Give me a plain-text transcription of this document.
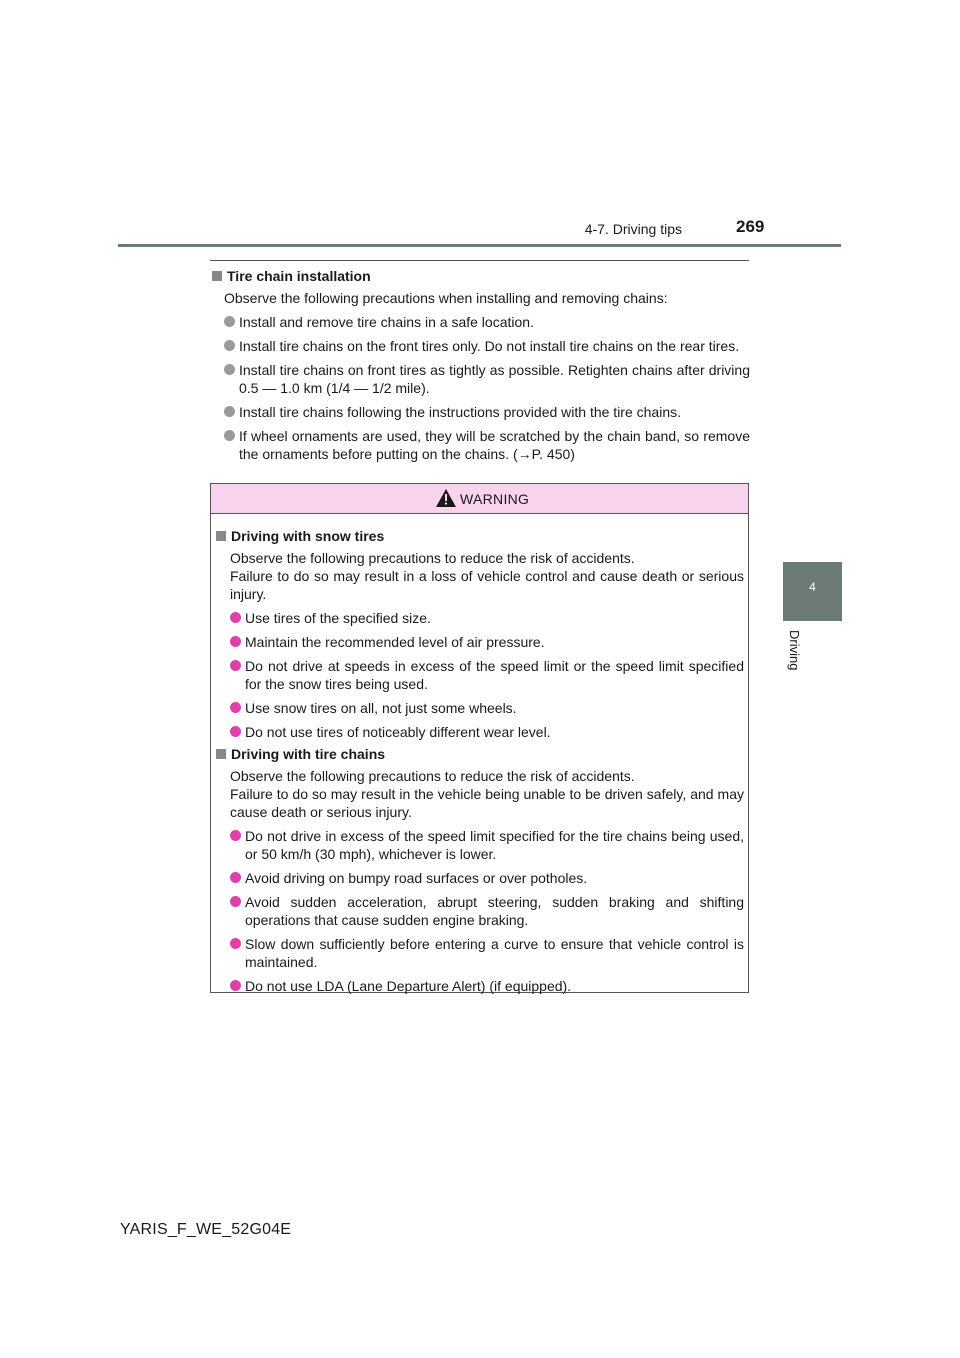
4-7. Driving tips	269
4
Driving
Tire chain installation
Observe the following precautions when installing and removing chains:
Install and remove tire chains in a safe location.
Install tire chains on the front tires only. Do not install tire chains on the rear tires.
Install tire chains on front tires as tightly as possible. Retighten chains after driving 0.5 — 1.0 km (1/4 — 1/2 mile).
Install tire chains following the instructions provided with the tire chains.
If wheel ornaments are used, they will be scratched by the chain band, so remove the ornaments before putting on the chains. (→P. 450)
WARNING
Driving with snow tires
Observe the following precautions to reduce the risk of accidents.
Failure to do so may result in a loss of vehicle control and cause death or serious injury.
Use tires of the specified size.
Maintain the recommended level of air pressure.
Do not drive at speeds in excess of the speed limit or the speed limit specified for the snow tires being used.
Use snow tires on all, not just some wheels.
Do not use tires of noticeably different wear level.
Driving with tire chains
Observe the following precautions to reduce the risk of accidents.
Failure to do so may result in the vehicle being unable to be driven safely, and may cause death or serious injury.
Do not drive in excess of the speed limit specified for the tire chains being used, or 50 km/h (30 mph), whichever is lower.
Avoid driving on bumpy road surfaces or over potholes.
Avoid sudden acceleration, abrupt steering, sudden braking and shifting operations that cause sudden engine braking.
Slow down sufficiently before entering a curve to ensure that vehicle control is maintained.
Do not use LDA (Lane Departure Alert) (if equipped).
YARIS_F_WE_52G04E
